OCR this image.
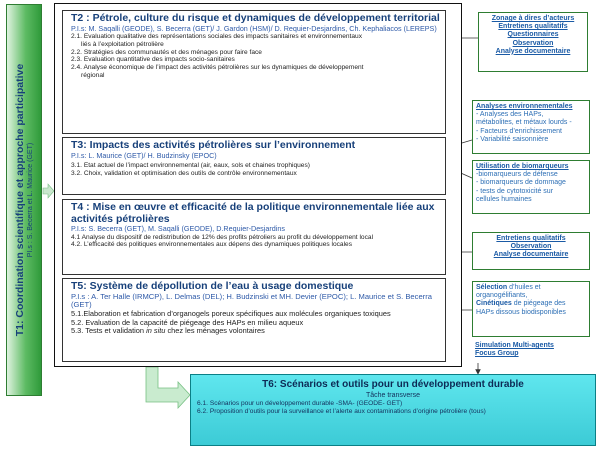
T1: Coordination scientifique et approche participative PI.s : S. Becerra et L. Maurice (GET)
T2 : Pétrole, culture du risque et dynamiques de développement territorial
P.I.s: M. Saqalli (GEODE), S. Becerra (GET)/ J. Gardon (HSM)/ D. Requier-Desjardins, Ch. Kephaliacos (LEREPS)
2.1. Evaluation qualitative des représentations sociales des impacts sanitaires et environnementaux
liés à l’exploitation pétrolière
2.2. Stratégies des communautés et des ménages pour faire face
2.3. Evaluation quantitative des impacts socio-sanitaires
2.4. Analyse économique de l’impact des activités pétrolières sur les dynamiques de développement
régional
T3: Impacts des activités pétrolières sur l’environnement
P.I.s: L. Maurice (GET)/ H. Budzinsky (EPOC)
3.1. Etat actuel de l’impact environnemental (air, eaux, sols et chaines trophiques)
3.2. Choix, validation et optimisation des outils de contrôle environnementaux
T4 : Mise en œuvre et efficacité de la politique environnementale liée aux activités pétrolières
P.I.s: S. Becerra (GET), M. Saqalli (GEODE), D.Requier-Desjardins
4.1 Analyse du dispositif de redistribution de 12% des profits pétroliers au profit du développement local
4.2. L’efficacité des politiques environnementales aux dépens des dynamiques politiques locales
T5: Système de dépollution de l’eau à usage domestique
P.I.s : A. Ter Halle (IRMCP), L. Delmas (DEL); H. Budzinski et MH. Devier (EPOC); L. Maurice et S. Becerra (GET)
5.1.Elaboration et fabrication d’organogels poreux spécifiques aux molécules organiques toxiques
5.2. Evaluation de la capacité de piégeage des HAPs en milieu aqueux
5.3. Tests et validation in situ chez les ménages volontaires
Zonage à dires d’acteurs
Entretiens qualitatifs
Questionnaires
Observation
Analyse documentaire
Analyses environnementales
- Analyses des HAPs,
métabolites, et métaux lourds -
- Facteurs d’enrichissement
- Variabilité saisonnière
Utilisation de biomarqueurs
-biomarqueurs de défense
- biomarqueurs de dommage
- tests de cytotoxicité sur
cellules humaines
Entretiens qualitatifs
Observation
Analyse documentaire
Sélection d’huiles et
organogélifiants,
Cinétiques de piégeage des
HAPs dissous biodisponibles
Simulation Multi-agents
Focus Group
T6: Scénarios et outils pour un développement durable
Tâche transverse
6.1. Scénarios pour un développement durable -SMA- (GEODE- GET)
6.2. Proposition d’outils pour la surveillance et l’alerte aux contaminations d’origine pétrolière (tous)
